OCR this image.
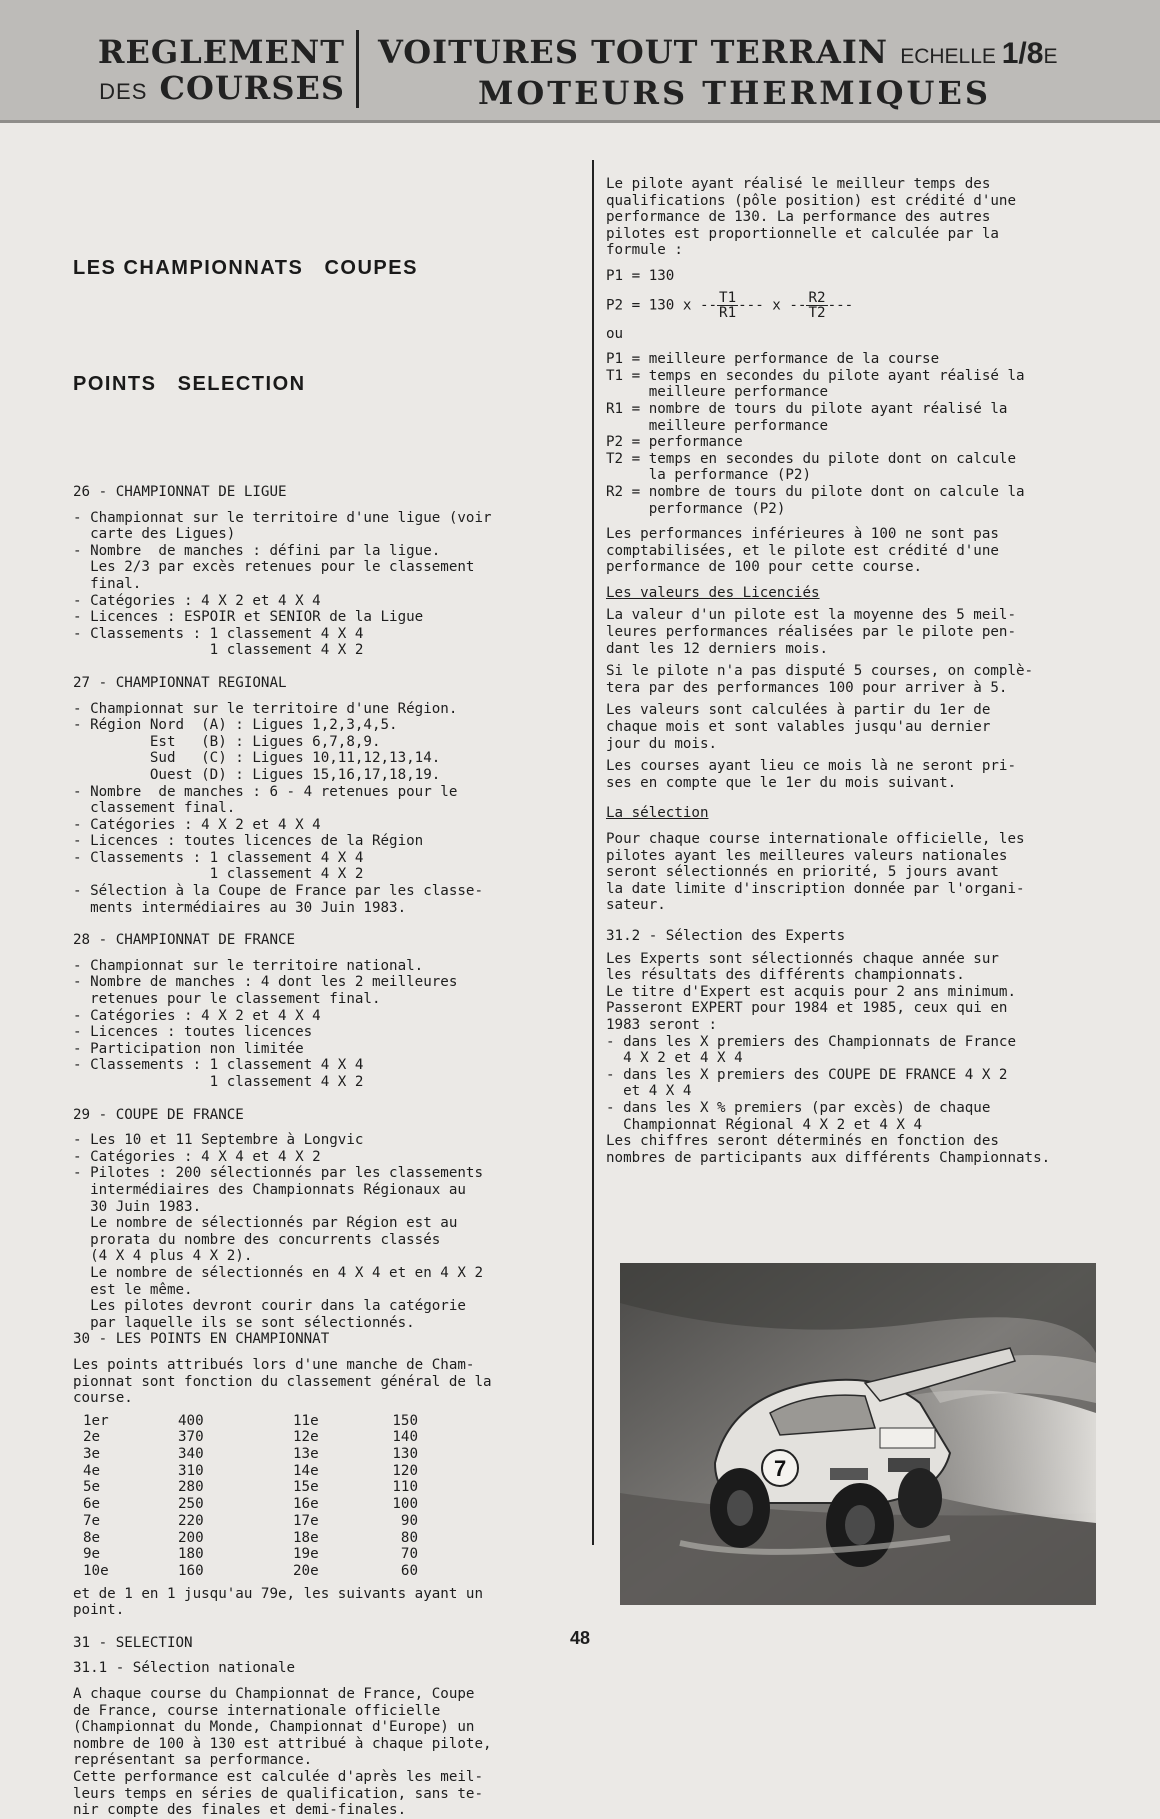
REGLEMENT
DES COURSES
VOITURES TOUT TERRAIN ECHELLE 1/8E
MOTEURS THERMIQUES

LES CHAMPIONNATS   COUPES

POINTS   SELECTION

26 - CHAMPIONNAT DE LIGUE
- Championnat sur le territoire d'une ligue (voir
carte des Ligues)
- Nombre  de manches : défini par la ligue.
Les 2/3 par excès retenues pour le classement
final.
- Catégories : 4 X 2 et 4 X 4
- Licences : ESPOIR et SENIOR de la Ligue
- Classements : 1 classement 4 X 4
1 classement 4 X 2
27 - CHAMPIONNAT REGIONAL
- Championnat sur le territoire d'une Région.
- Région Nord  (A) : Ligues 1,2,3,4,5.
Est   (B) : Ligues 6,7,8,9.
Sud   (C) : Ligues 10,11,12,13,14.
Ouest (D) : Ligues 15,16,17,18,19.
- Nombre  de manches : 6 - 4 retenues pour le
classement final.
- Catégories : 4 X 2 et 4 X 4
- Licences : toutes licences de la Région
- Classements : 1 classement 4 X 4
1 classement 4 X 2
- Sélection à la Coupe de France par les classe-
ments intermédiaires au 30 Juin 1983.
28 - CHAMPIONNAT DE FRANCE
- Championnat sur le territoire national.
- Nombre de manches : 4 dont les 2 meilleures
retenues pour le classement final.
- Catégories : 4 X 2 et 4 X 4
- Licences : toutes licences
- Participation non limitée
- Classements : 1 classement 4 X 4
1 classement 4 X 2
29 - COUPE DE FRANCE
- Les 10 et 11 Septembre à Longvic
- Catégories : 4 X 4 et 4 X 2
- Pilotes : 200 sélectionnés par les classements
intermédiaires des Championnats Régionaux au
30 Juin 1983.
Le nombre de sélectionnés par Région est au
prorata du nombre des concurrents classés
(4 X 4 plus 4 X 2).
Le nombre de sélectionnés en 4 X 4 et en 4 X 2
est le même.
Les pilotes devront courir dans la catégorie
par laquelle ils se sont sélectionnés.
30 - LES POINTS EN CHAMPIONNAT
Les points attribués lors d'une manche de Cham-
pionnat sont fonction du classement général de la
course.
1er	400	11e	150
2e	370	12e	140
3e	340	13e	130
4e	310	14e	120
5e	280	15e	110
6e	250	16e	100
7e	220	17e	90
8e	200	18e	80
9e	180	19e	70
10e	160	20e	60
et de 1 en 1 jusqu'au 79e, les suivants ayant un
point.
31 - SELECTION
31.1 - Sélection nationale
A chaque course du Championnat de France, Coupe
de France, course internationale officielle
(Championnat du Monde, Championnat d'Europe) un
nombre de 100 à 130 est attribué à chaque pilote,
représentant sa performance.
Cette performance est calculée d'après les meil-
leurs temps en séries de qualification, sans te-
nir compte des finales et demi-finales.
Le pilote ayant réalisé le meilleur temps des
qualifications (pôle position) est crédité d'une
performance de 130. La performance des autres
pilotes est proportionnelle et calculée par la
formule :
P1 = 130
P2 = 130 x -- $\frac{T1}{R1}$ --- x -- $\frac{R2}{T2}$ ---
ou
P1 = meilleure performance de la course
T1 = temps en secondes du pilote ayant réalisé la
meilleure performance
R1 = nombre de tours du pilote ayant réalisé la
meilleure performance
P2 = performance
T2 = temps en secondes du pilote dont on calcule
la performance (P2)
R2 = nombre de tours du pilote dont on calcule la
performance (P2)
Les performances inférieures à 100 ne sont pas
comptabilisées, et le pilote est crédité d'une
performance de 100 pour cette course.
Les valeurs des Licenciés
La valeur d'un pilote est la moyenne des 5 meil-
leures performances réalisées par le pilote pen-
dant les 12 derniers mois.
Si le pilote n'a pas disputé 5 courses, on complè-
tera par des performances 100 pour arriver à 5.
Les valeurs sont calculées à partir du 1er de
chaque mois et sont valables jusqu'au dernier
jour du mois.
Les courses ayant lieu ce mois là ne seront pri-
ses en compte que le 1er du mois suivant.
La sélection
Pour chaque course internationale officielle, les
pilotes ayant les meilleures valeurs nationales
seront sélectionnés en priorité, 5 jours avant
la date limite d'inscription donnée par l'organi-
sateur.
31.2 - Sélection des Experts
Les Experts sont sélectionnés chaque année sur
les résultats des différents championnats.
Le titre d'Expert est acquis pour 2 ans minimum.
Passeront EXPERT pour 1984 et 1985, ceux qui en
1983 seront :
- dans les X premiers des Championnats de France
4 X 2 et 4 X 4
- dans les X premiers des COUPE DE FRANCE 4 X 2
et 4 X 4
- dans les X % premiers (par excès) de chaque
Championnat Régional 4 X 2 et 4 X 4
Les chiffres seront déterminés en fonction des
nombres de participants aux différents Championnats.
7
48
